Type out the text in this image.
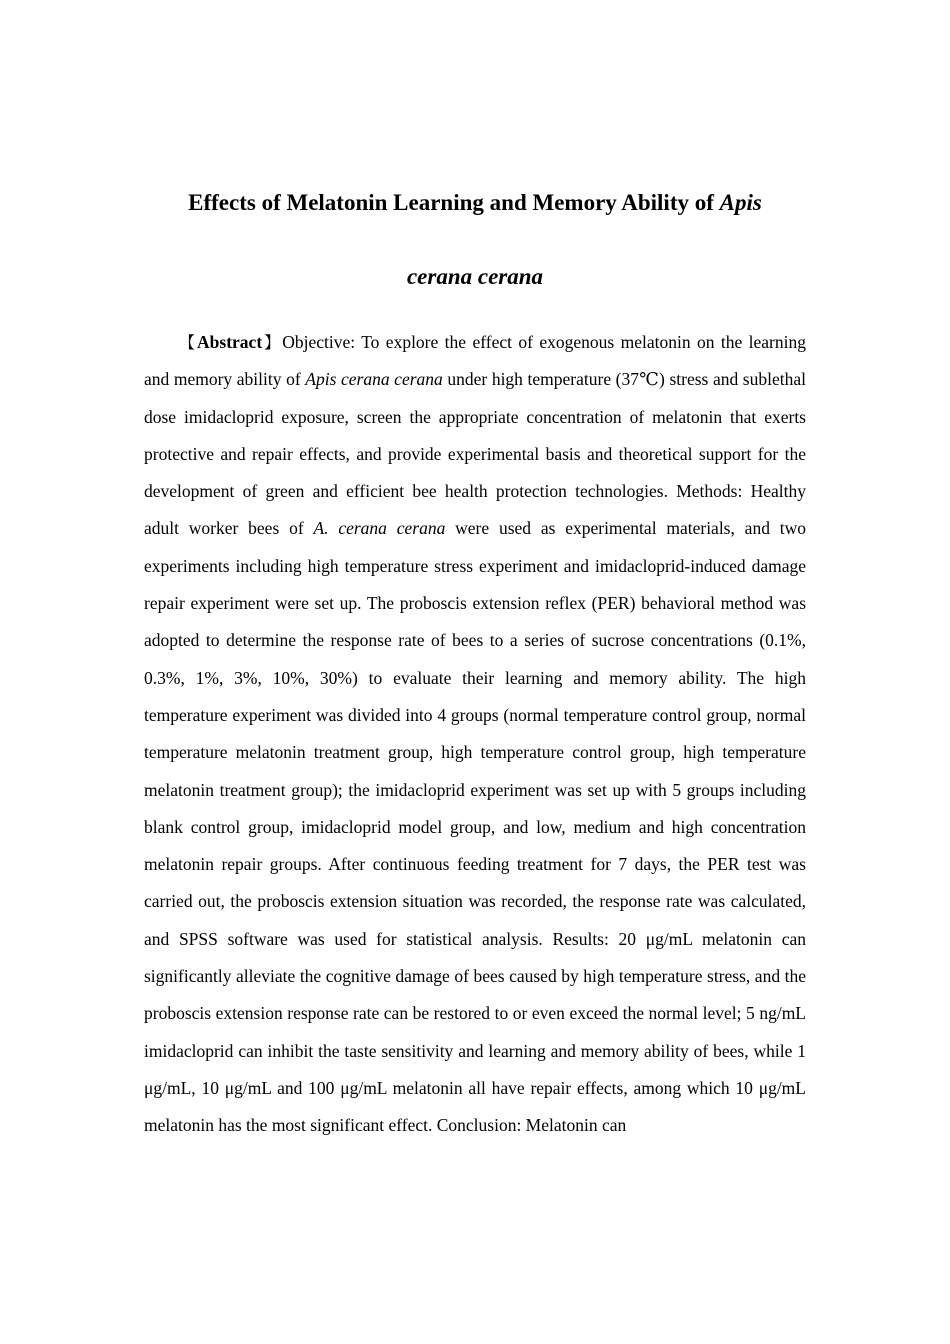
Effects of Melatonin Learning and Memory Ability of Apis
cerana cerana

【Abstract】Objective: To explore the effect of exogenous melatonin on the learning and memory ability of Apis cerana cerana under high temperature (37℃) stress and sublethal dose imidacloprid exposure, screen the appropriate concentration of melatonin that exerts protective and repair effects, and provide experimental basis and theoretical support for the development of green and efficient bee health protection technologies. Methods: Healthy adult worker bees of A. cerana cerana were used as experimental materials, and two experiments including high temperature stress experiment and imidacloprid-induced damage repair experiment were set up. The proboscis extension reflex (PER) behavioral method was adopted to determine the response rate of bees to a series of sucrose concentrations (0.1%, 0.3%, 1%, 3%, 10%, 30%) to evaluate their learning and memory ability. The high temperature experiment was divided into 4 groups (normal temperature control group, normal temperature melatonin treatment group, high temperature control group, high temperature melatonin treatment group); the imidacloprid experiment was set up with 5 groups including blank control group, imidacloprid model group, and low, medium and high concentration melatonin repair groups. After continuous feeding treatment for 7 days, the PER test was carried out, the proboscis extension situation was recorded, the response rate was calculated, and SPSS software was used for statistical analysis. Results: 20 μg/mL melatonin can significantly alleviate the cognitive damage of bees caused by high temperature stress, and the proboscis extension response rate can be restored to or even exceed the normal level; 5 ng/mL imidacloprid can inhibit the taste sensitivity and learning and memory ability of bees, while 1 μg/mL, 10 μg/mL and 100 μg/mL melatonin all have repair effects, among which 10 μg/mL melatonin has the most significant effect. Conclusion: Melatonin can
